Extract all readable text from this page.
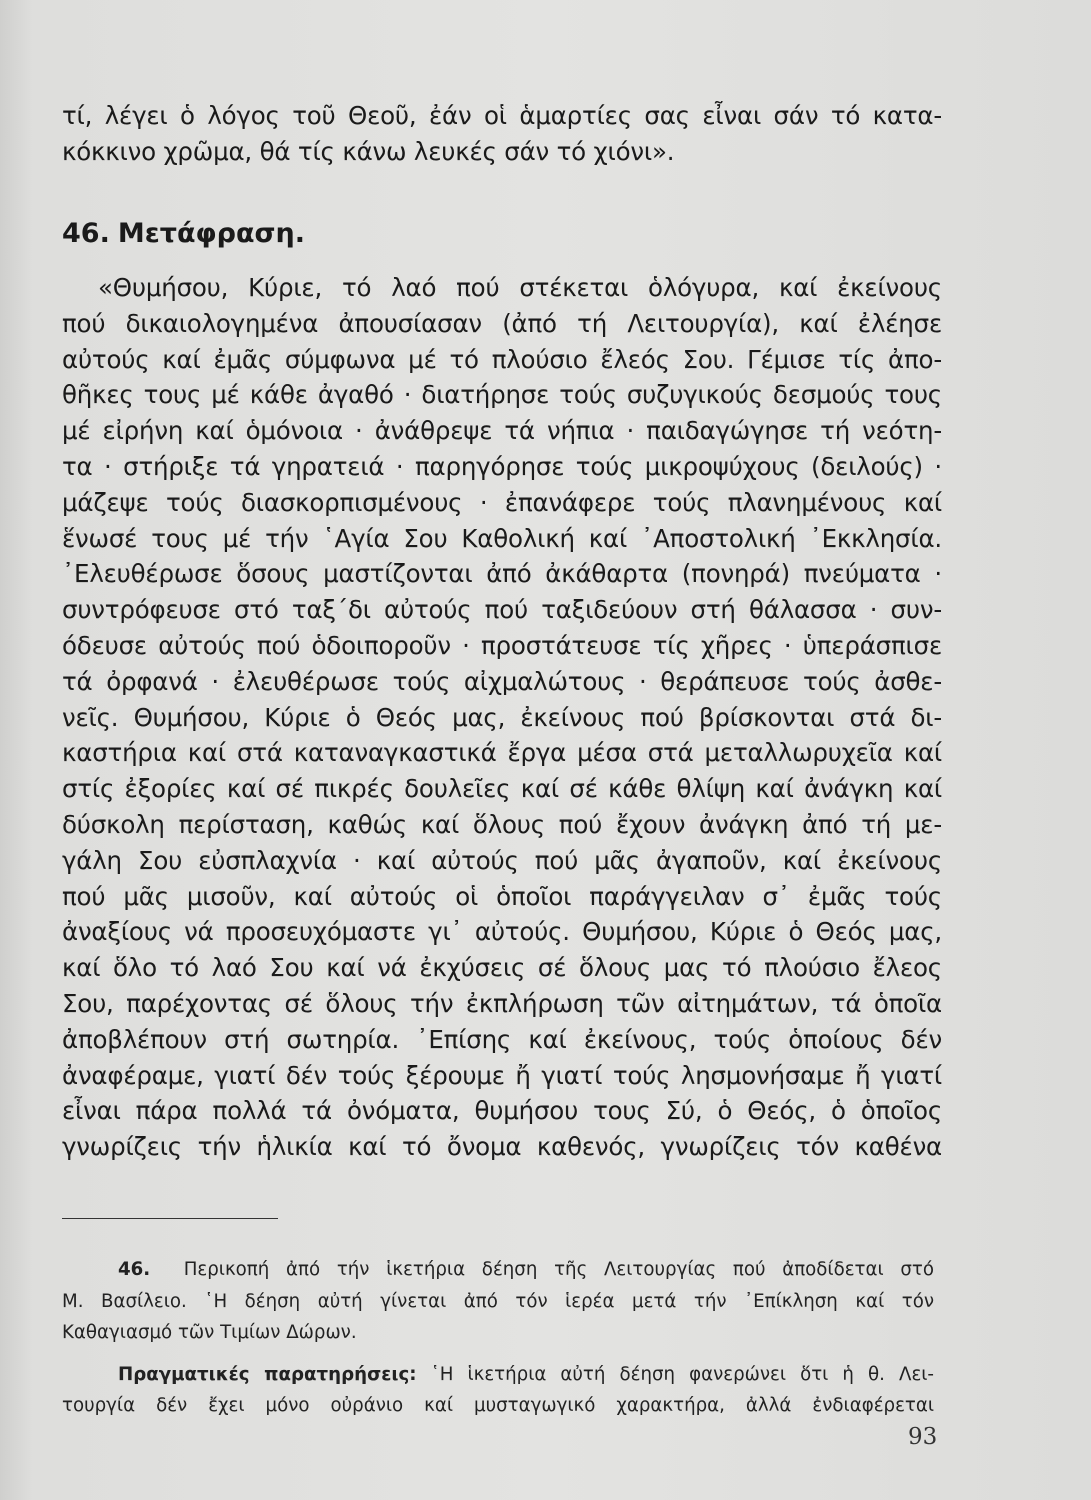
τί, λέγει ὁ λόγος τοῦ Θεοῦ, ἐάν οἱ ἁμαρτίες σας εἶναι σάν τό κατα-
κόκκινο χρῶμα, θά τίς κάνω λευκές σάν τό χιόνι».
46. Μετάφραση.
«Θυμήσου, Κύριε, τό λαό πού στέκεται ὁλόγυρα, καί ἐκείνους
πού δικαιολογημένα ἀπουσίασαν (ἀπό τή Λειτουργία), καί ἐλέησε
αὐτούς καί ἐμᾶς σύμφωνα μέ τό πλούσιο ἔλεός Σου. Γέμισε τίς ἀπο-
θῆκες τους μέ κάθε ἀγαθό · διατήρησε τούς συζυγικούς δεσμούς τους
μέ εἰρήνη καί ὁμόνοια · ἀνάθρεψε τά νήπια · παιδαγώγησε τή νεότη-
τα · στήριξε τά γηρατειά · παρηγόρησε τούς μικροψύχους (δειλούς) ·
μάζεψε τούς διασκορπισμένους · ἐπανάφερε τούς πλανημένους καί
ἕνωσέ τους μέ τήν ῾Αγία Σου Καθολική καί ᾿Αποστολική ᾿Εκκλησία.
᾿Ελευθέρωσε ὅσους μαστίζονται ἀπό ἀκάθαρτα (πονηρά) πνεύματα ·
συντρόφευσε στό ταξ´δι αὐτούς πού ταξιδεύουν στή θάλασσα · συν-
όδευσε αὐτούς πού ὁδοιποροῦν · προστάτευσε τίς χῆρες · ὑπεράσπισε
τά ὀρφανά · ἐλευθέρωσε τούς αἰχμαλώτους · θεράπευσε τούς ἀσθε-
νεῖς. Θυμήσου, Κύριε ὁ Θεός μας, ἐκείνους πού βρίσκονται στά δι-
καστήρια καί στά καταναγκαστικά ἔργα μέσα στά μεταλλωρυχεῖα καί
στίς ἐξορίες καί σέ πικρές δουλεῖες καί σέ κάθε θλίψη καί ἀνάγκη καί
δύσκολη περίσταση, καθώς καί ὅλους πού ἔχουν ἀνάγκη ἀπό τή με-
γάλη Σου εὐσπλαχνία · καί αὐτούς πού μᾶς ἀγαποῦν, καί ἐκείνους
πού μᾶς μισοῦν, καί αὐτούς οἱ ὁποῖοι παράγγειλαν σ᾿ ἐμᾶς τούς
ἀναξίους νά προσευχόμαστε γι᾿ αὐτούς. Θυμήσου, Κύριε ὁ Θεός μας,
καί ὅλο τό λαό Σου καί νά ἐκχύσεις σέ ὅλους μας τό πλούσιο ἔλεος
Σου, παρέχοντας σέ ὅλους τήν ἐκπλήρωση τῶν αἰτημάτων, τά ὁποῖα
ἀποβλέπουν στή σωτηρία. ᾿Επίσης καί ἐκείνους, τούς ὁποίους δέν
ἀναφέραμε, γιατί δέν τούς ξέρουμε ἤ γιατί τούς λησμονήσαμε ἤ γιατί
εἶναι πάρα πολλά τά ὀνόματα, θυμήσου τους Σύ, ὁ Θεός, ὁ ὁποῖος
γνωρίζεις τήν ἡλικία καί τό ὄνομα καθενός, γνωρίζεις τόν καθένα
46. Περικοπή ἀπό τήν ἱκετήρια δέηση τῆς Λειτουργίας πού ἀποδίδεται στό
Μ. Βασίλειο. ῾Η δέηση αὐτή γίνεται ἀπό τόν ἱερέα μετά τήν ᾿Επίκληση καί τόν
Καθαγιασμό τῶν Τιμίων Δώρων.
Πραγματικές παρατηρήσεις: ῾Η ἱκετήρια αὐτή δέηση φανερώνει ὅτι ἡ θ. Λει-
τουργία δέν ἔχει μόνο οὐράνιο καί μυσταγωγικό χαρακτήρα, ἀλλά ἐνδιαφέρεται
93
